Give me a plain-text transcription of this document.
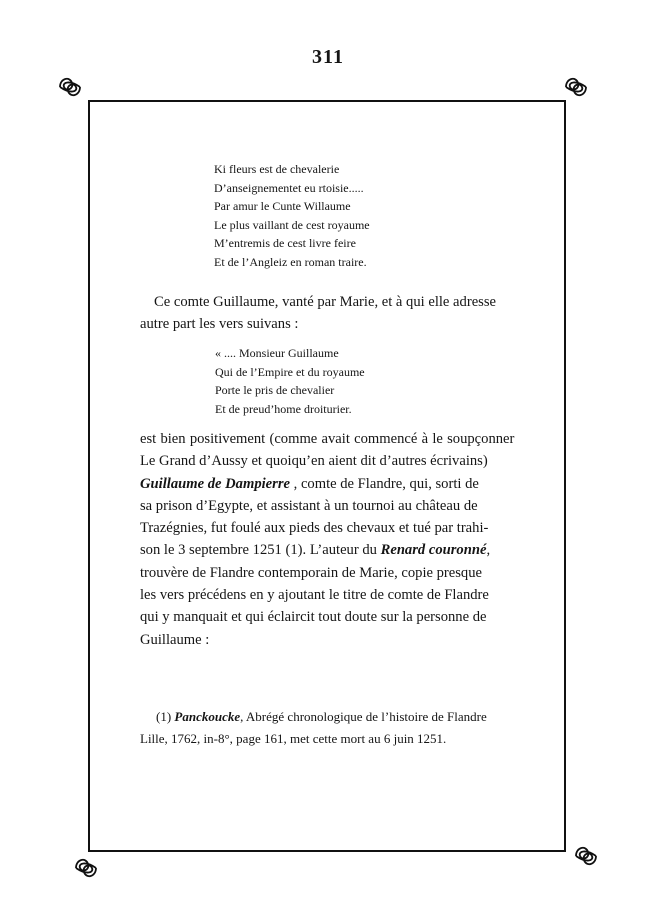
311
Ki fleurs est de chevalerie
D’anseignementet eu rtoisie.....
Par amur le Cunte Willaume
Le plus vaillant de cest royaume
M’entremis de cest livre feire
Et de l’Angleiz en roman traire.
Ce comte Guillaume, vanté par Marie, et à qui elle adresse
autre part les vers suivans :
« .... Monsieur Guillaume
Qui de l’Empire et du royaume
Porte le pris de chevalier
Et de preud’home droiturier.
est bien positivement (comme avait commencé à le soupçonner
Le Grand d’Aussy et quoiqu’en aient dit d’autres écrivains)
Guillaume de Dampierre , comte de Flandre, qui, sorti de
sa prison d’Egypte, et assistant à un tournoi au château de
Trazégnies, fut foulé aux pieds des chevaux et tué par trahi-
son le 3 septembre 1251 (1). L’auteur du Renard couronné,
trouvère de Flandre contemporain de Marie, copie presque
les vers précédens en y ajoutant le titre de comte de Flandre
qui y manquait et qui éclaircit tout doute sur la personne de
Guillaume :
(1) Panckoucke, Abrégé chronologique de l’histoire de Flandre
Lille, 1762, in-8°, page 161, met cette mort au 6 juin 1251.
